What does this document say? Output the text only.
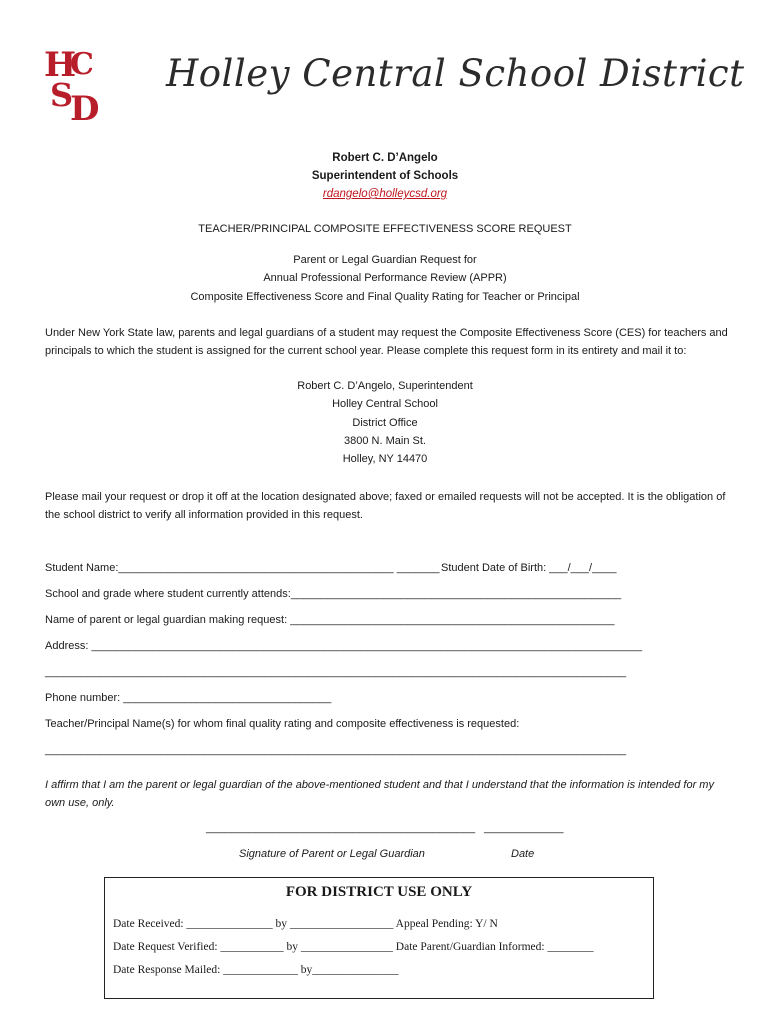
H
C
S
D
Holley Central School District
Robert C. D’Angelo
Superintendent of Schools
rdangelo@holleycsd.org
TEACHER/PRINCIPAL COMPOSITE EFFECTIVENESS SCORE REQUEST
Parent or Legal Guardian Request for
Annual Professional Performance Review (APPR)
Composite Effectiveness Score and Final Quality Rating for Teacher or Principal
Under New York State law, parents and legal guardians of a student may request the Composite Effectiveness Score (CES) for teachers and principals to which the student is assigned for the current school year. Please complete this request form in its entirety and mail it to:
Robert C. D’Angelo, Superintendent
Holley Central School
District Office
3800 N. Main St.
Holley, NY 14470
Please mail your request or drop it off at the location designated above; faxed or emailed requests will not be accepted. It is the obligation of the school district to verify all information provided in this request.
Student Name:_____________________________________________ _______ Student Date of Birth: ___/___/____
School and grade where student currently attends:______________________________________________________
Name of parent or legal guardian making request: _____________________________________________________
Address: __________________________________________________________________________________________
_______________________________________________________________________________________________
Phone number: __________________________________
Teacher/Principal Name(s) for whom final quality rating and composite effectiveness is requested:
_______________________________________________________________________________________________
I affirm that I am the parent or legal guardian of the above-mentioned student and that I understand that the information is intended for my own use, only.
____________________________________________ _____________
Signature of Parent or Legal Guardian	Date
FOR DISTRICT USE ONLY
Date Received: _______________ by __________________ Appeal Pending: Y/ N
Date Request Verified: ___________ by ________________ Date Parent/Guardian Informed: ________
Date Response Mailed: _____________ by_______________
